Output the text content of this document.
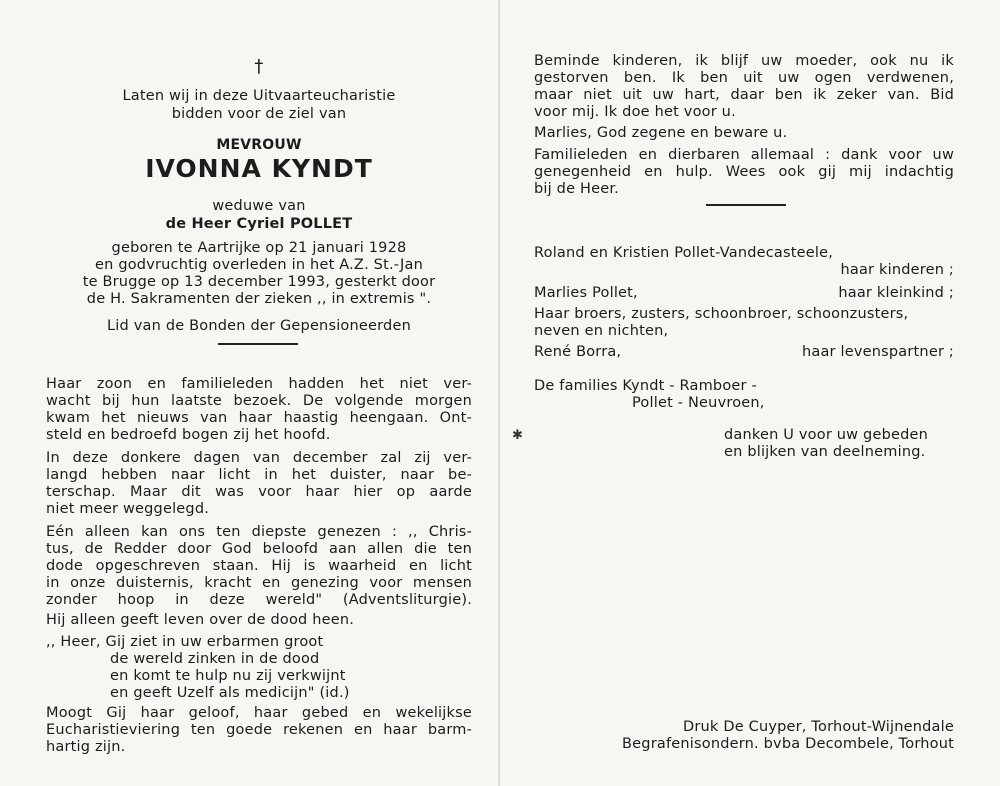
†
Laten wij in deze Uitvaarteucharistie
bidden voor de ziel van
MEVROUW
IVONNA KYNDT
weduwe van
de Heer Cyriel POLLET
geboren te Aartrijke op 21 januari 1928
en godvruchtig overleden in het A.Z. St.-Jan
te Brugge op 13 december 1993, gesterkt door
de H. Sakramenten der zieken ,, in extremis ".
Lid van de Bonden der Gepensioneerden
Haar zoon en familieleden hadden het niet ver-
wacht bij hun laatste bezoek. De volgende morgen
kwam het nieuws van haar haastig heengaan. Ont-
steld en bedroefd bogen zij het hoofd.
In deze donkere dagen van december zal zij ver-
langd hebben naar licht in het duister, naar be-
terschap. Maar dit was voor haar hier op aarde
niet meer weggelegd.
Eén alleen kan ons ten diepste genezen : ,, Chris-
tus, de Redder door God beloofd aan allen die ten
dode opgeschreven staan. Hij is waarheid en licht
in onze duisternis, kracht en genezing voor mensen
zonder hoop in deze wereld" (Adventsliturgie).
Hij alleen geeft leven over de dood heen.
,, Heer, Gij ziet in uw erbarmen groot
de wereld zinken in de dood
en komt te hulp nu zij verkwijnt
en geeft Uzelf als medicijn" (id.)
Moogt Gij haar geloof, haar gebed en wekelijkse
Eucharistieviering ten goede rekenen en haar barm-
hartig zijn.
Beminde kinderen, ik blijf uw moeder, ook nu ik
gestorven ben. Ik ben uit uw ogen verdwenen,
maar niet uit uw hart, daar ben ik zeker van. Bid
voor mij. Ik doe het voor u.
Marlies, God zegene en beware u.
Familieleden en dierbaren allemaal : dank voor uw
genegenheid en hulp. Wees ook gij mij indachtig
bij de Heer.
Roland en Kristien Pollet-Vandecasteele,
haar kinderen ;
Marlies Pollet,	haar kleinkind ;
Haar broers, zusters, schoonbroer, schoonzusters,
neven en nichten,
René Borra,	haar levenspartner ;
De families Kyndt - Ramboer -
Pollet - Neuvroen,
danken U voor uw gebeden
en blijken van deelneming.
Druk De Cuyper, Torhout-Wijnendale
Begrafenisondern. bvba Decombele, Torhout
✱
